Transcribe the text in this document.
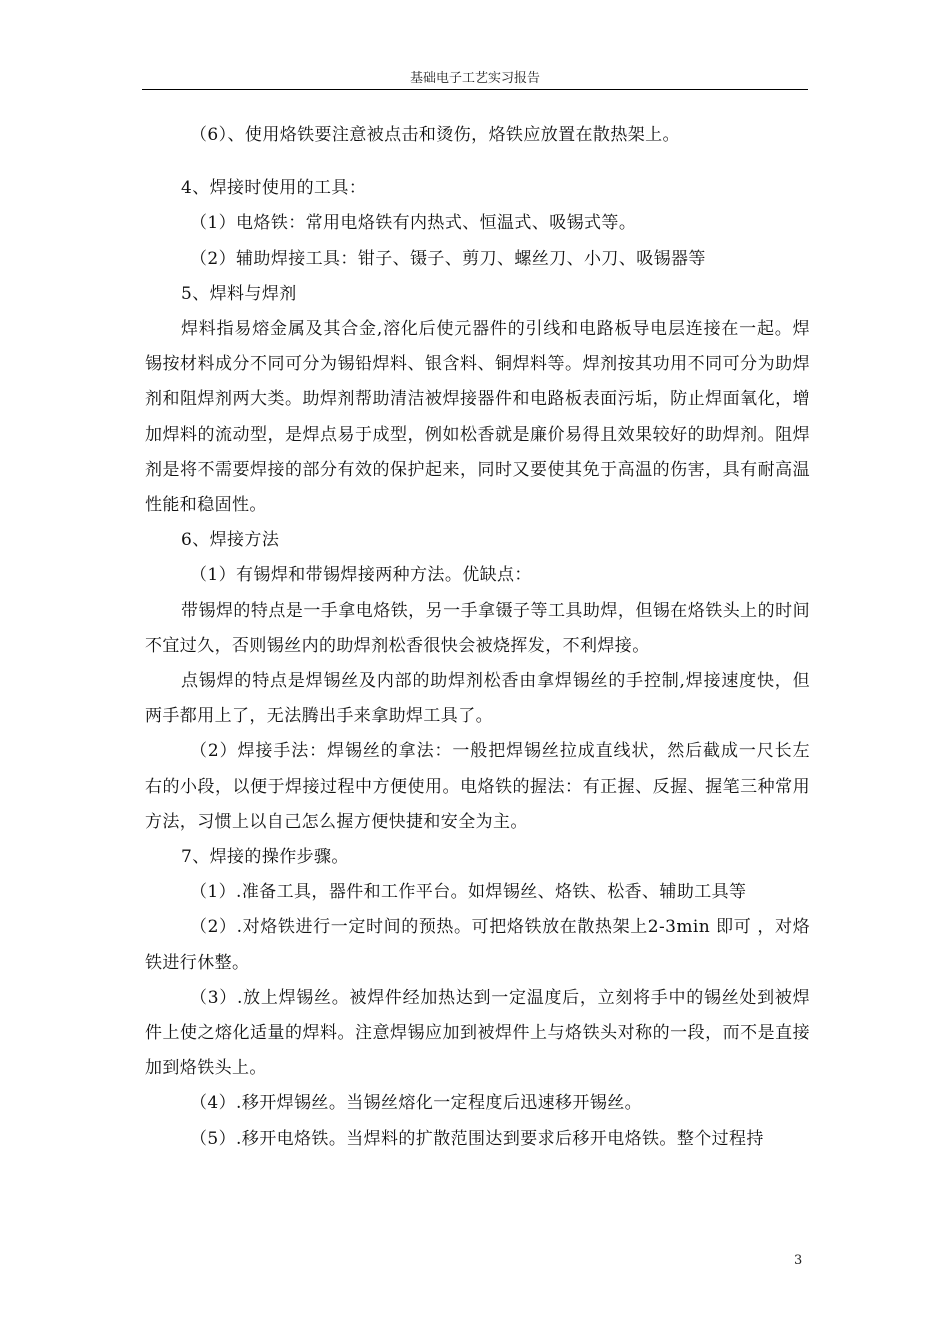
基础电子工艺实习报告

（6）、使用烙铁要注意被点击和烫伤，烙铁应放置在散热架上。

4、焊接时使用的工具：

（1）电烙铁：常用电烙铁有内热式、恒温式、吸锡式等。

（2）辅助焊接工具：钳子、镊子、剪刀、螺丝刀、小刀、吸锡器等

5、焊料与焊剂

焊料指易熔金属及其合金,溶化后使元器件的引线和电路板导电层连接在一起。焊锡按材料成分不同可分为锡铅焊料、银含料、铜焊料等。焊剂按其功用不同可分为助焊剂和阻焊剂两大类。助焊剂帮助清洁被焊接器件和电路板表面污垢，防止焊面氧化，增加焊料的流动型，是焊点易于成型，例如松香就是廉价易得且效果较好的助焊剂。阻焊剂是将不需要焊接的部分有效的保护起来，同时又要使其免于高温的伤害，具有耐高温性能和稳固性。

6、焊接方法

（1）有锡焊和带锡焊接两种方法。优缺点：

带锡焊的特点是一手拿电烙铁，另一手拿镊子等工具助焊，但锡在烙铁头上的时间不宜过久，否则锡丝内的助焊剂松香很快会被烧挥发，不利焊接。

点锡焊的特点是焊锡丝及内部的助焊剂松香由拿焊锡丝的手控制,焊接速度快，但两手都用上了，无法腾出手来拿助焊工具了。

（2）焊接手法：焊锡丝的拿法：一般把焊锡丝拉成直线状，然后截成一尺长左右的小段，以便于焊接过程中方便使用。电烙铁的握法：有正握、反握、握笔三种常用方法，习惯上以自己怎么握方便快捷和安全为主。

7、焊接的操作步骤。

（1）.准备工具，器件和工作平台。如焊锡丝、烙铁、松香、辅助工具等

（2）.对烙铁进行一定时间的预热。可把烙铁放在散热架上2-3min 即可 ，对烙铁进行休整。

（3）.放上焊锡丝。被焊件经加热达到一定温度后，立刻将手中的锡丝处到被焊件上使之熔化适量的焊料。注意焊锡应加到被焊件上与烙铁头对称的一段，而不是直接加到烙铁头上。

（4）.移开焊锡丝。当锡丝熔化一定程度后迅速移开锡丝。

（5）.移开电烙铁。当焊料的扩散范围达到要求后移开电烙铁。整个过程持

3
